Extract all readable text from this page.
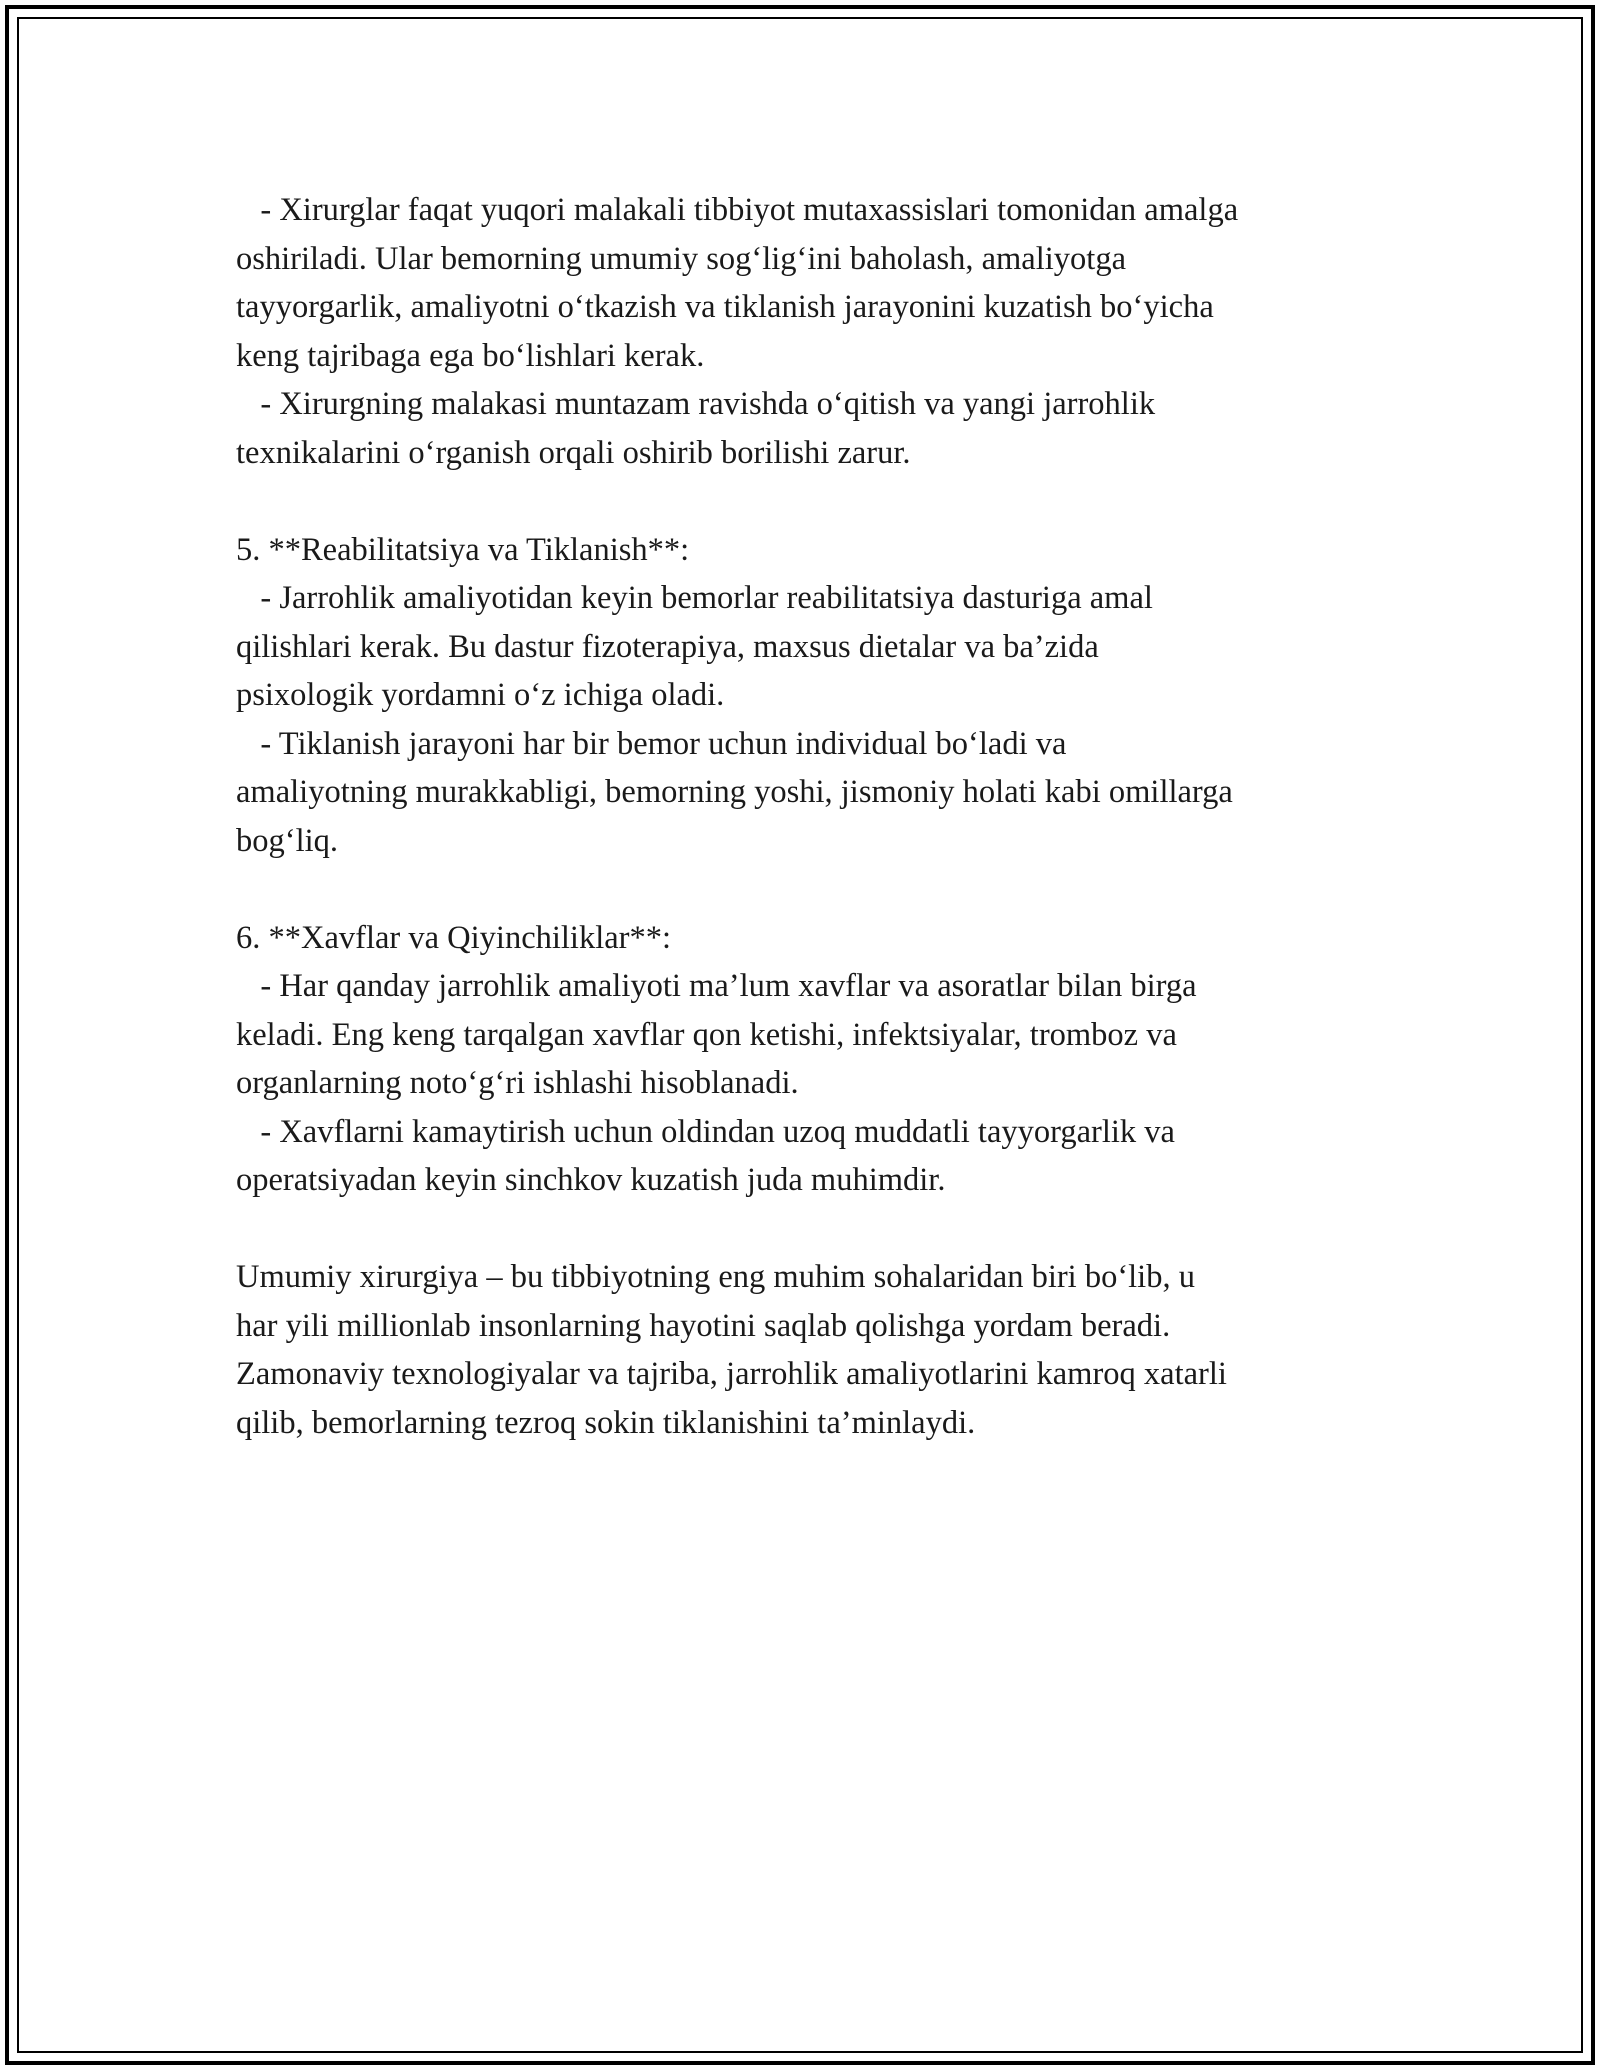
- Xirurglar faqat yuqori malakali tibbiyot mutaxassislari tomonidan amalga
oshiriladi. Ular bemorning umumiy sog‘lig‘ini baholash, amaliyotga
tayyorgarlik, amaliyotni o‘tkazish va tiklanish jarayonini kuzatish bo‘yicha
keng tajribaga ega bo‘lishlari kerak.
- Xirurgning malakasi muntazam ravishda o‘qitish va yangi jarrohlik
texnikalarini o‘rganish orqali oshirib borilishi zarur.
5. **Reabilitatsiya va Tiklanish**:
- Jarrohlik amaliyotidan keyin bemorlar reabilitatsiya dasturiga amal
qilishlari kerak. Bu dastur fizoterapiya, maxsus dietalar va ba’zida
psixologik yordamni o‘z ichiga oladi.
- Tiklanish jarayoni har bir bemor uchun individual bo‘ladi va
amaliyotning murakkabligi, bemorning yoshi, jismoniy holati kabi omillarga
bog‘liq.
6. **Xavflar va Qiyinchiliklar**:
- Har qanday jarrohlik amaliyoti ma’lum xavflar va asoratlar bilan birga
keladi. Eng keng tarqalgan xavflar qon ketishi, infektsiyalar, tromboz va
organlarning noto‘g‘ri ishlashi hisoblanadi.
- Xavflarni kamaytirish uchun oldindan uzoq muddatli tayyorgarlik va
operatsiyadan keyin sinchkov kuzatish juda muhimdir.
Umumiy xirurgiya – bu tibbiyotning eng muhim sohalaridan biri bo‘lib, u
har yili millionlab insonlarning hayotini saqlab qolishga yordam beradi.
Zamonaviy texnologiyalar va tajriba, jarrohlik amaliyotlarini kamroq xatarli
qilib, bemorlarning tezroq sokin tiklanishini ta’minlaydi.
